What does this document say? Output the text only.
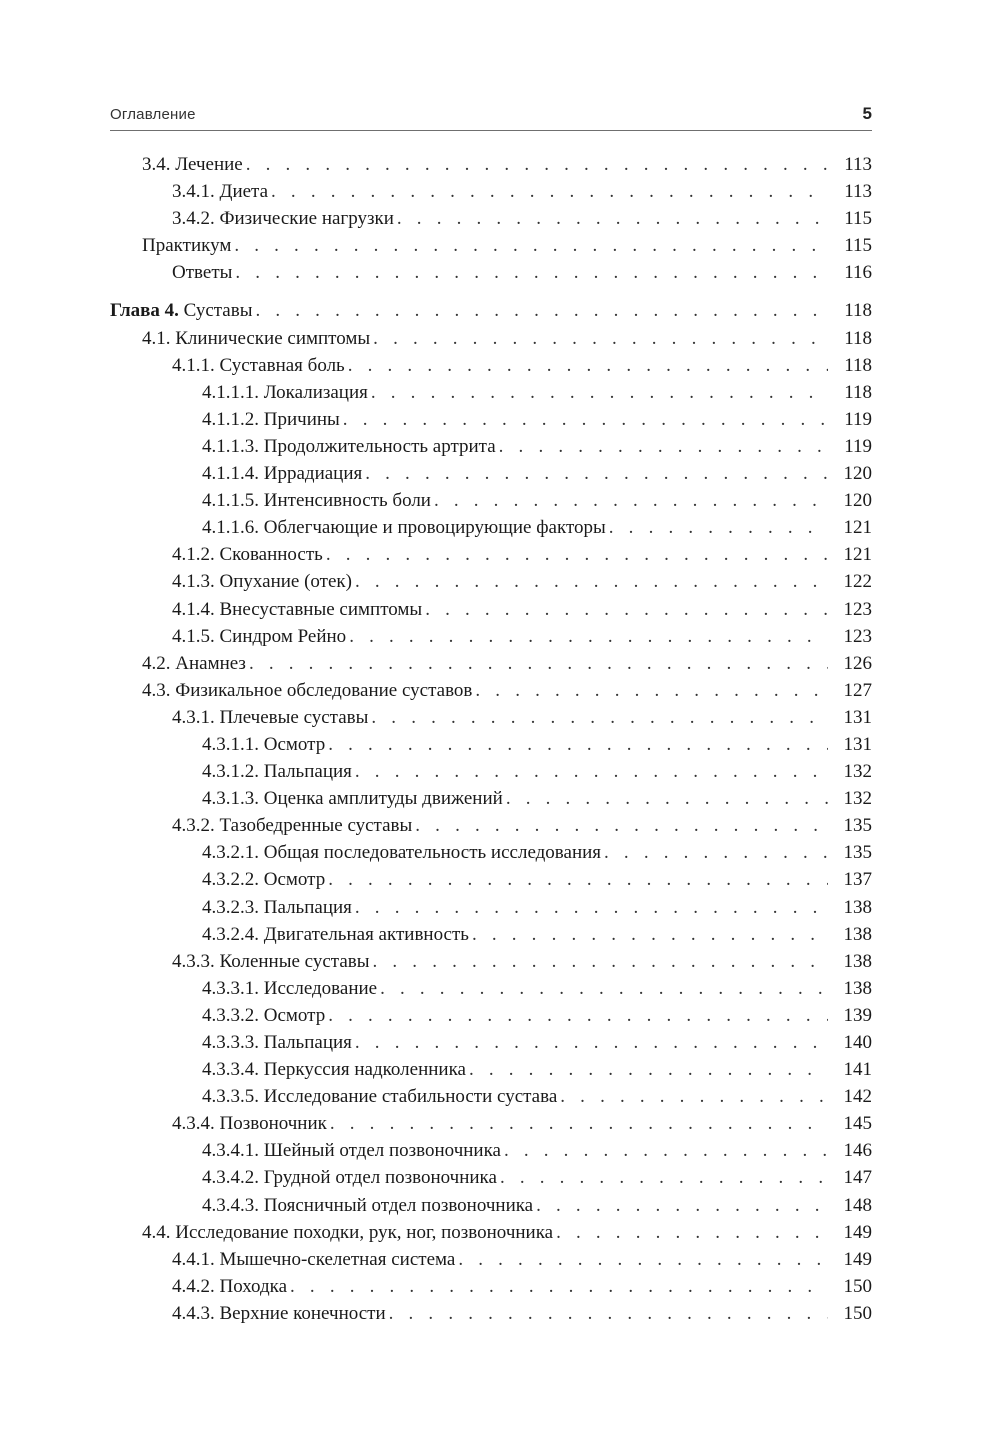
Оглавление	5
3.4. Лечение . . .	113
3.4.1. Диета . . .	113
3.4.2. Физические нагрузки . . .	115
Практикум . . .	115
Ответы . . .	116
Глава 4. Суставы . . .	118
4.1. Клинические симптомы . . .	118
4.1.1. Суставная боль . . .	118
4.1.1.1. Локализация . . .	118
4.1.1.2. Причины . . .	119
4.1.1.3. Продолжительность артрита . . .	119
4.1.1.4. Иррадиация . . .	120
4.1.1.5. Интенсивность боли . . .	120
4.1.1.6. Облегчающие и провоцирующие факторы . . .	121
4.1.2. Скованность . . .	121
4.1.3. Опухание (отек) . . .	122
4.1.4. Внесуставные симптомы . . .	123
4.1.5. Синдром Рейно . . .	123
4.2. Анамнез . . .	126
4.3. Физикальное обследование суставов . . .	127
4.3.1. Плечевые суставы . . .	131
4.3.1.1. Осмотр . . .	131
4.3.1.2. Пальпация . . .	132
4.3.1.3. Оценка амплитуды движений . . .	132
4.3.2. Тазобедренные суставы . . .	135
4.3.2.1. Общая последовательность исследования . . .	135
4.3.2.2. Осмотр . . .	137
4.3.2.3. Пальпация . . .	138
4.3.2.4. Двигательная активность . . .	138
4.3.3. Коленные суставы . . .	138
4.3.3.1. Исследование . . .	138
4.3.3.2. Осмотр . . .	139
4.3.3.3. Пальпация . . .	140
4.3.3.4. Перкуссия надколенника . . .	141
4.3.3.5. Исследование стабильности сустава . . .	142
4.3.4. Позвоночник . . .	145
4.3.4.1. Шейный отдел позвоночника . . .	146
4.3.4.2. Грудной отдел позвоночника . . .	147
4.3.4.3. Поясничный отдел позвоночника . . .	148
4.4. Исследование походки, рук, ног, позвоночника . . .	149
4.4.1. Мышечно-скелетная система . . .	149
4.4.2. Походка . . .	150
4.4.3. Верхние конечности . . .	150
